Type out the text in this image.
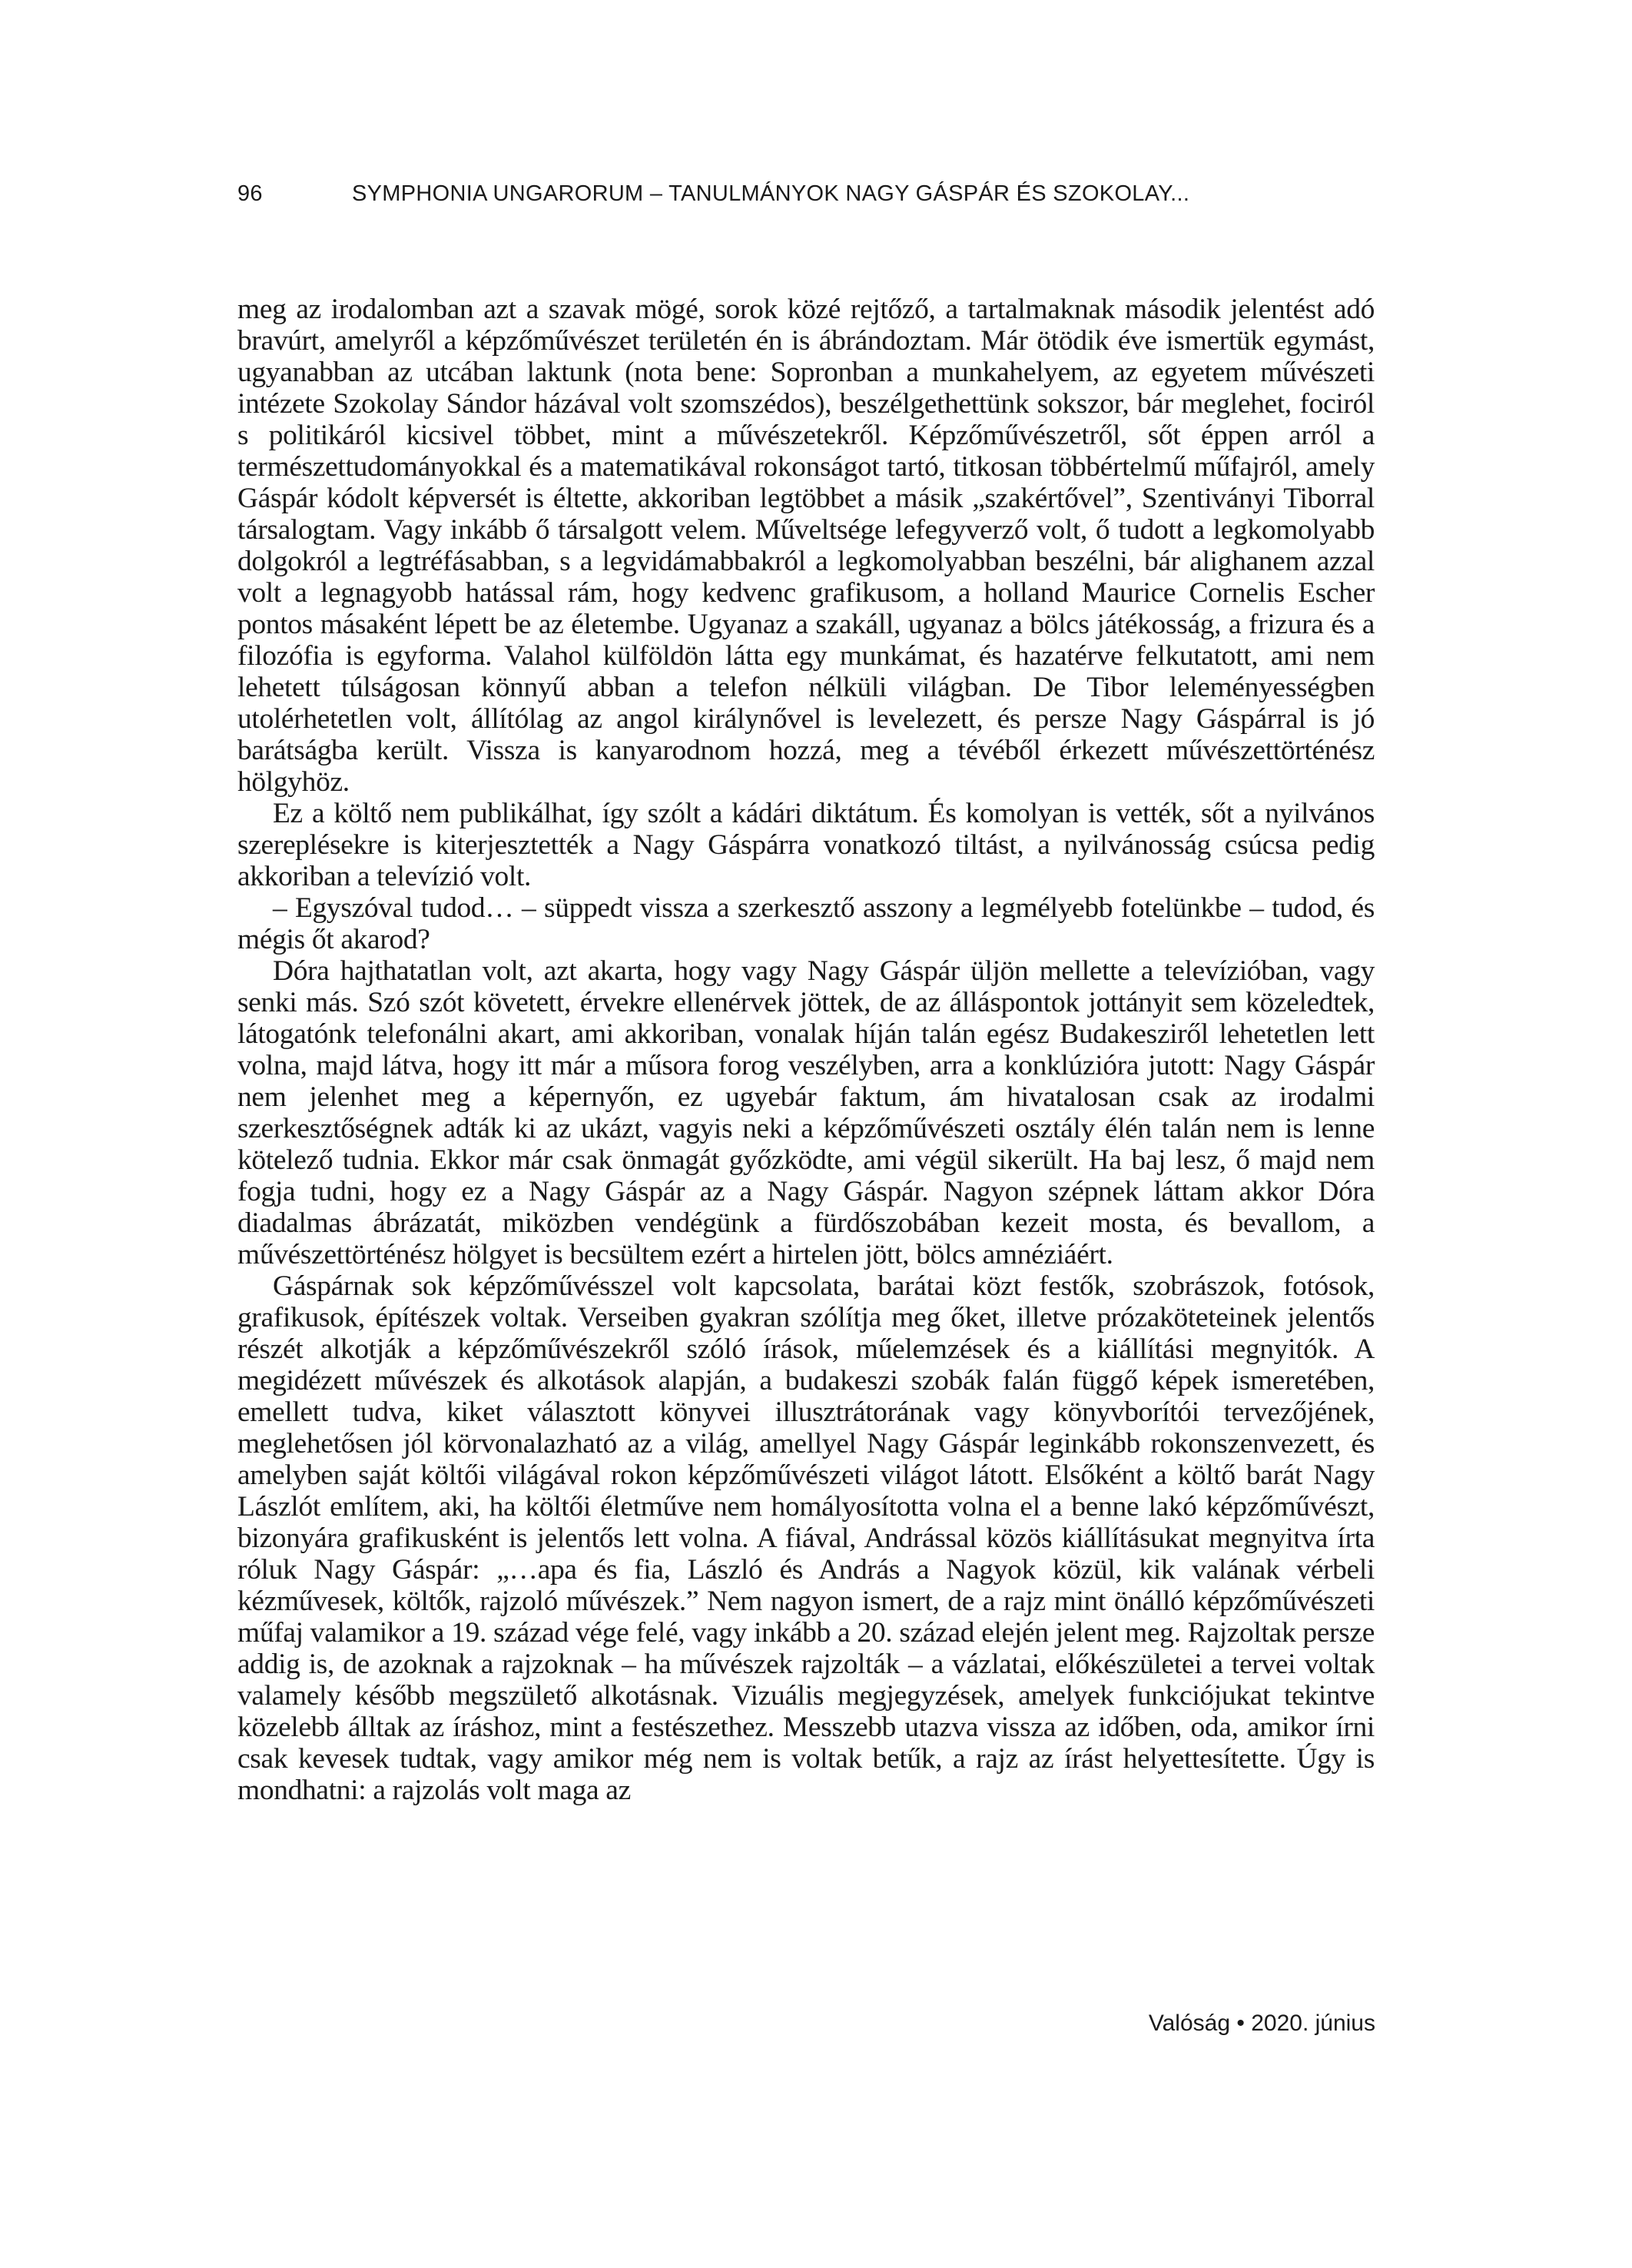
96	SYMPHONIA UNGARORUM – TANULMÁNYOK NAGY GÁSPÁR ÉS SZOKOLAY...

meg az irodalomban azt a szavak mögé, sorok közé rejtőző, a tartalmaknak második jelentést adó bravúrt, amelyről a képzőművészet területén én is ábrándoztam. Már ötödik éve ismertük egymást, ugyanabban az utcában laktunk (nota bene: Sopronban a munkahelyem, az egyetem művészeti intézete Szokolay Sándor házával volt szomszédos), beszélgethettünk sokszor, bár meglehet, fociról s politikáról kicsivel többet, mint a művészetekről. Képzőművészetről, sőt éppen arról a természettudományokkal és a matematikával rokonságot tartó, titkosan többértelmű műfajról, amely Gáspár kódolt képversét is éltette, akkoriban legtöbbet a másik „szakértővel”, Szentiványi Tiborral társalogtam. Vagy inkább ő társalgott velem. Műveltsége lefegyverző volt, ő tudott a legkomolyabb dolgokról a legtréfásabban, s a legvidámabbakról a legkomolyabban beszélni, bár alighanem azzal volt a legnagyobb hatással rám, hogy kedvenc grafikusom, a holland Maurice Cornelis Escher pontos másaként lépett be az életembe. Ugyanaz a szakáll, ugyanaz a bölcs játékosság, a frizura és a filozófia is egyforma. Valahol külföldön látta egy munkámat, és hazatérve felkutatott, ami nem lehetett túlságosan könnyű abban a telefon nélküli világban. De Tibor leleményességben utolérhetetlen volt, állítólag az angol királynővel is levelezett, és persze Nagy Gáspárral is jó barátságba került. Vissza is kanyarodnom hozzá, meg a tévéből érkezett művészettörténész hölgyhöz.

Ez a költő nem publikálhat, így szólt a kádári diktátum. És komolyan is vették, sőt a nyilvános szereplésekre is kiterjesztették a Nagy Gáspárra vonatkozó tiltást, a nyilvánosság csúcsa pedig akkoriban a televízió volt.

– Egyszóval tudod… – süppedt vissza a szerkesztő asszony a legmélyebb fotelünkbe – tudod, és mégis őt akarod?

Dóra hajthatatlan volt, azt akarta, hogy vagy Nagy Gáspár üljön mellette a televízióban, vagy senki más. Szó szót követett, érvekre ellenérvek jöttek, de az álláspontok jottányit sem közeledtek, látogatónk telefonálni akart, ami akkoriban, vonalak híján talán egész Budakesziről lehetetlen lett volna, majd látva, hogy itt már a műsora forog veszélyben, arra a konklúzióra jutott: Nagy Gáspár nem jelenhet meg a képernyőn, ez ugyebár faktum, ám hivatalosan csak az irodalmi szerkesztőségnek adták ki az ukázt, vagyis neki a képzőművészeti osztály élén talán nem is lenne kötelező tudnia. Ekkor már csak önmagát győzködte, ami végül sikerült. Ha baj lesz, ő majd nem fogja tudni, hogy ez a Nagy Gáspár az a Nagy Gáspár. Nagyon szépnek láttam akkor Dóra diadalmas ábrázatát, miközben vendégünk a fürdőszobában kezeit mosta, és bevallom, a művészettörténész hölgyet is becsültem ezért a hirtelen jött, bölcs amnéziáért.

Gáspárnak sok képzőművésszel volt kapcsolata, barátai közt festők, szobrászok, fotósok, grafikusok, építészek voltak. Verseiben gyakran szólítja meg őket, illetve prózaköteteinek jelentős részét alkotják a képzőművészekről szóló írások, műelemzések és a kiállítási megnyitók. A megidézett művészek és alkotások alapján, a budakeszi szobák falán függő képek ismeretében, emellett tudva, kiket választott könyvei illusztrátorának vagy könyvborítói tervezőjének, meglehetősen jól körvonalazható az a világ, amellyel Nagy Gáspár leginkább rokonszenvezett, és amelyben saját költői világával rokon képzőművészeti világot látott. Elsőként a költő barát Nagy Lászlót említem, aki, ha költői életműve nem homályosította volna el a benne lakó képzőművészt, bizonyára grafikusként is jelentős lett volna. A fiával, Andrással közös kiállításukat megnyitva írta róluk Nagy Gáspár: „…apa és fia, László és András a Nagyok közül, kik valának vérbeli kézművesek, költők, rajzoló művészek.” Nem nagyon ismert, de a rajz mint önálló képzőművészeti műfaj valamikor a 19. század vége felé, vagy inkább a 20. század elején jelent meg. Rajzoltak persze addig is, de azoknak a rajzoknak – ha művészek rajzolták – a vázlatai, előkészületei a tervei voltak valamely később megszülető alkotásnak. Vizuális megjegyzések, amelyek funkciójukat tekintve közelebb álltak az íráshoz, mint a festészethez. Messzebb utazva vissza az időben, oda, amikor írni csak kevesek tudtak, vagy amikor még nem is voltak betűk, a rajz az írást helyettesítette. Úgy is mondhatni: a rajzolás volt maga az

Valóság • 2020. június
